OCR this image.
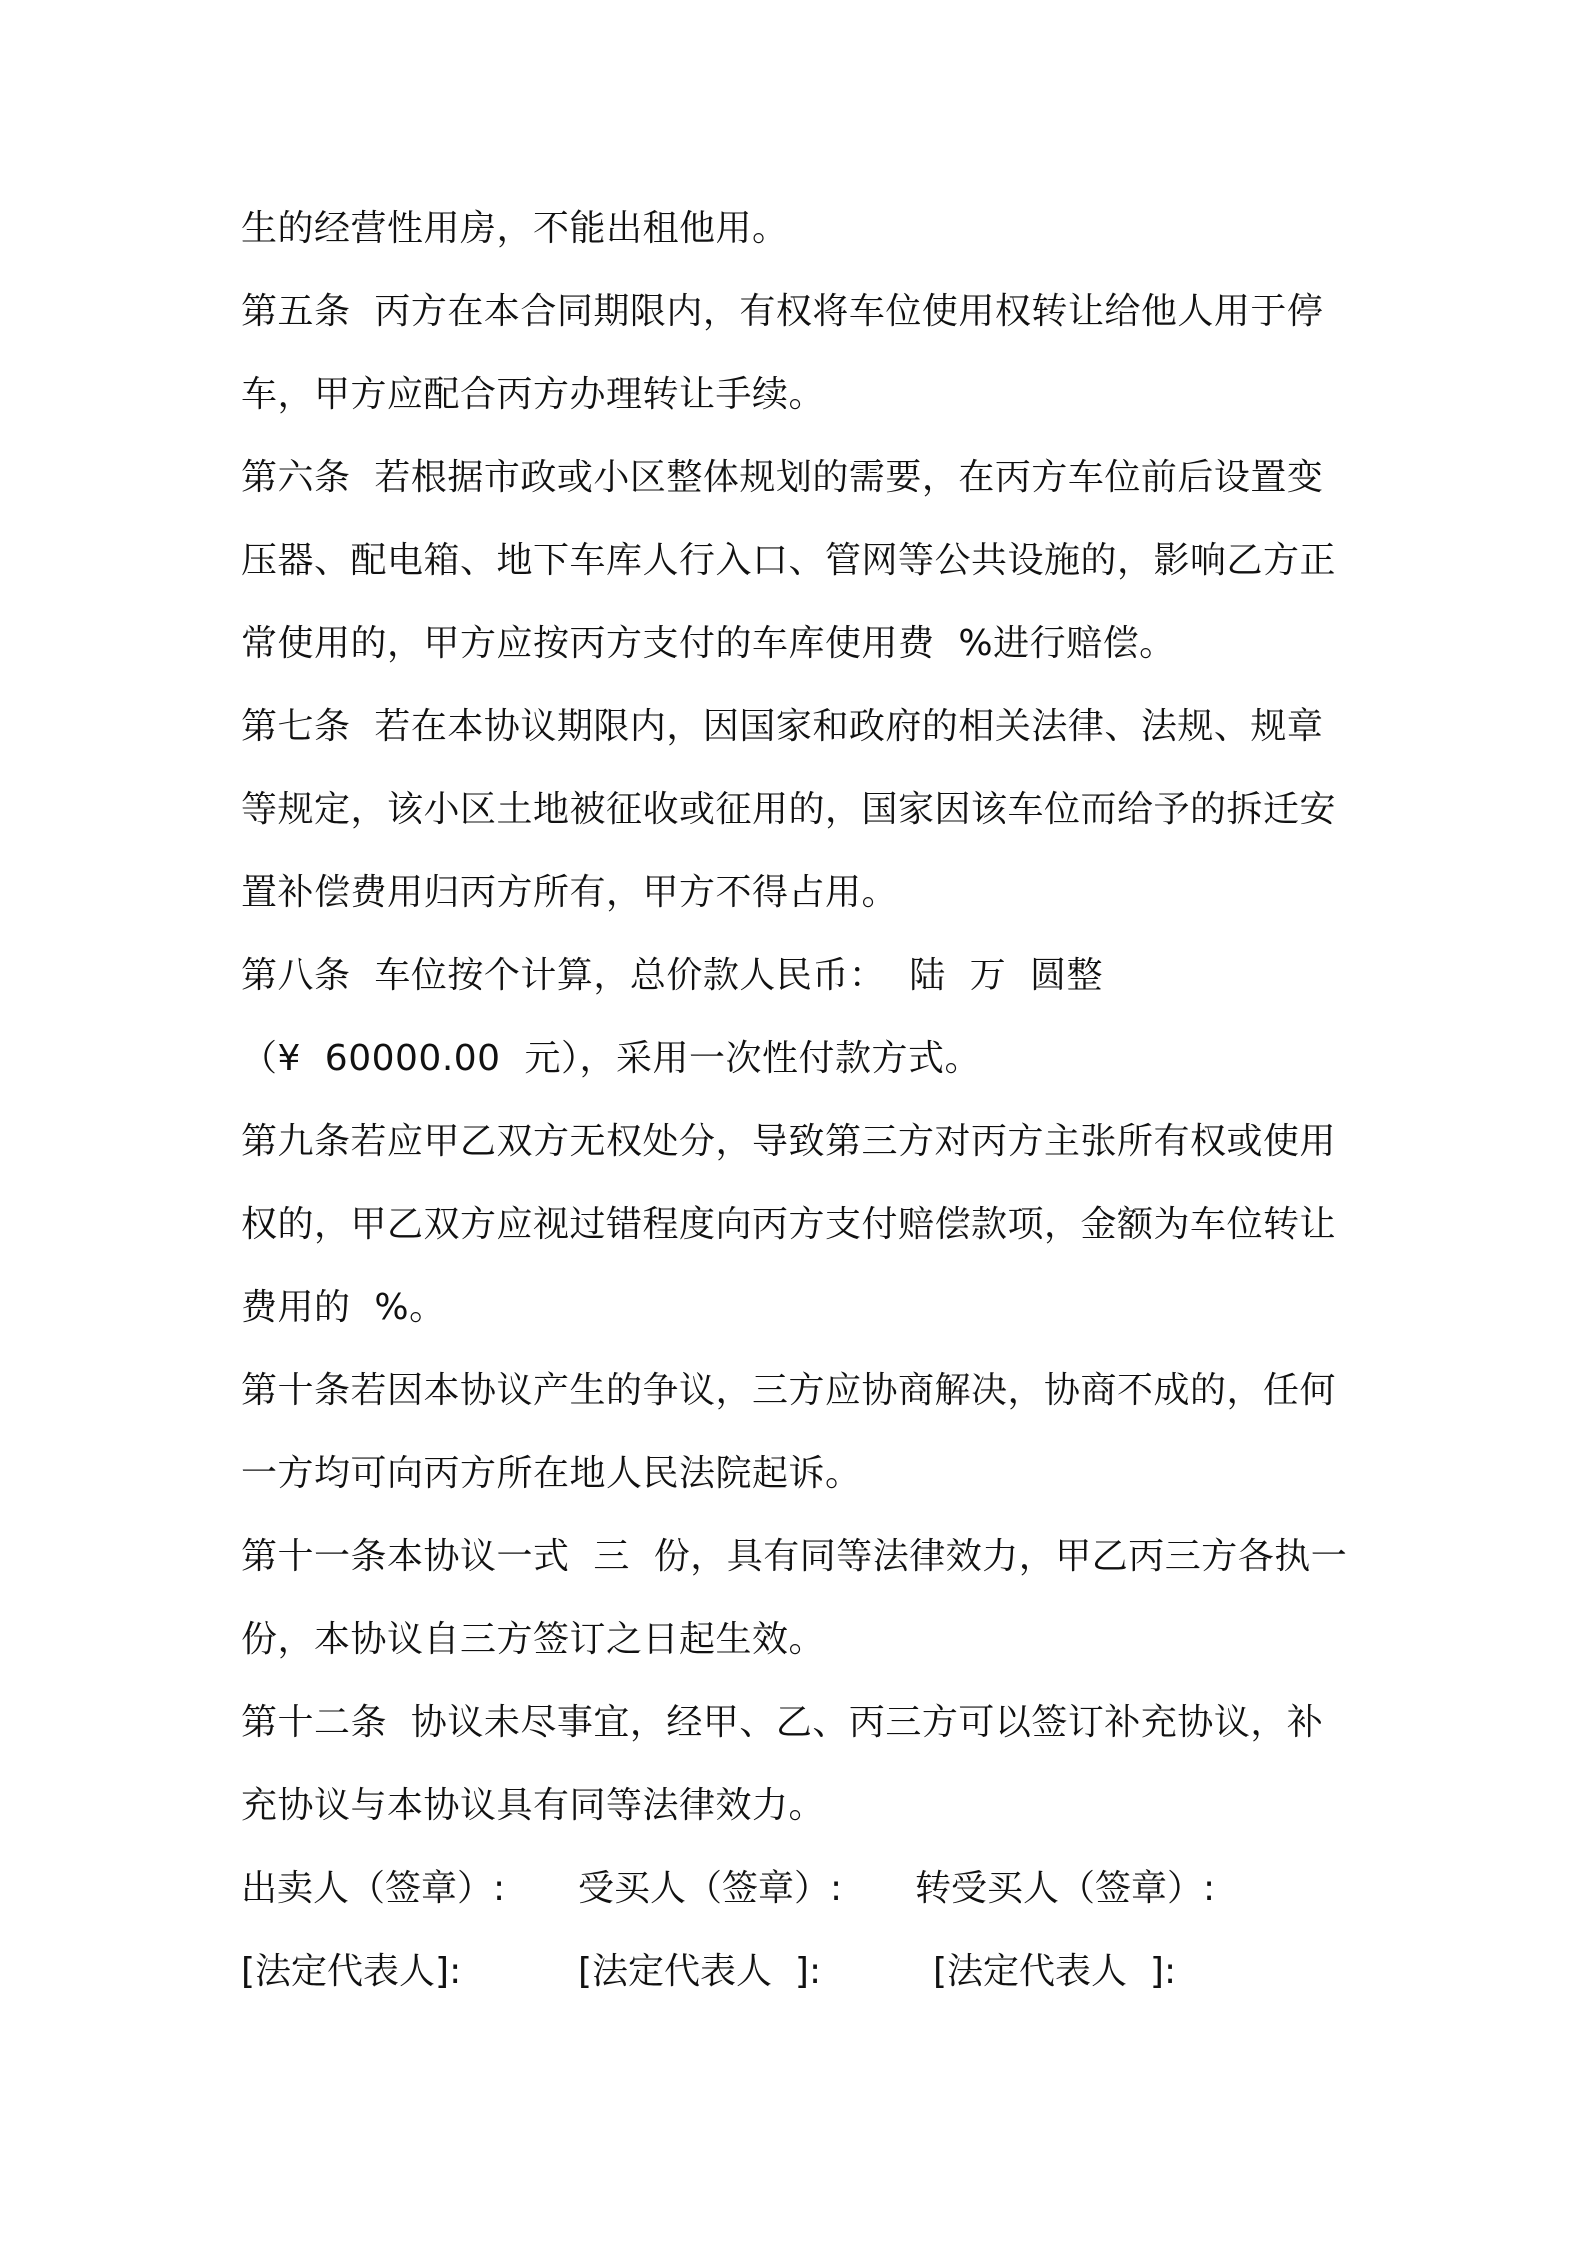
生的经营性用房，不能出租他用。
第五条  丙方在本合同期限内，有权将车位使用权转让给他人用于停
车，甲方应配合丙方办理转让手续。
第六条  若根据市政或小区整体规划的需要，在丙方车位前后设置变
压器、配电箱、地下车库人行入口、管网等公共设施的，影响乙方正
常使用的，甲方应按丙方支付的车库使用费  %进行赔偿。
第七条  若在本协议期限内，因国家和政府的相关法律、法规、规章
等规定，该小区土地被征收或征用的，国家因该车位而给予的拆迁安
置补偿费用归丙方所有，甲方不得占用。
第八条  车位按个计算，总价款人民币：  陆  万  圆整
（¥  60000.00  元），采用一次性付款方式。
第九条若应甲乙双方无权处分，导致第三方对丙方主张所有权或使用
权的，甲乙双方应视过错程度向丙方支付赔偿款项，金额为车位转让
费用的  %。
第十条若因本协议产生的争议，三方应协商解决，协商不成的，任何
一方均可向丙方所在地人民法院起诉。
第十一条本协议一式  三  份，具有同等法律效力，甲乙丙三方各执一
份，本协议自三方签订之日起生效。
第十二条  协议未尽事宜，经甲、乙、丙三方可以签订补充协议，补
充协议与本协议具有同等法律效力。
出卖人（签章）: 受买人（签章）: 转受买人（签章）:
[法定代表人]:	[法定代表人  ]:	[法定代表人  ]:
